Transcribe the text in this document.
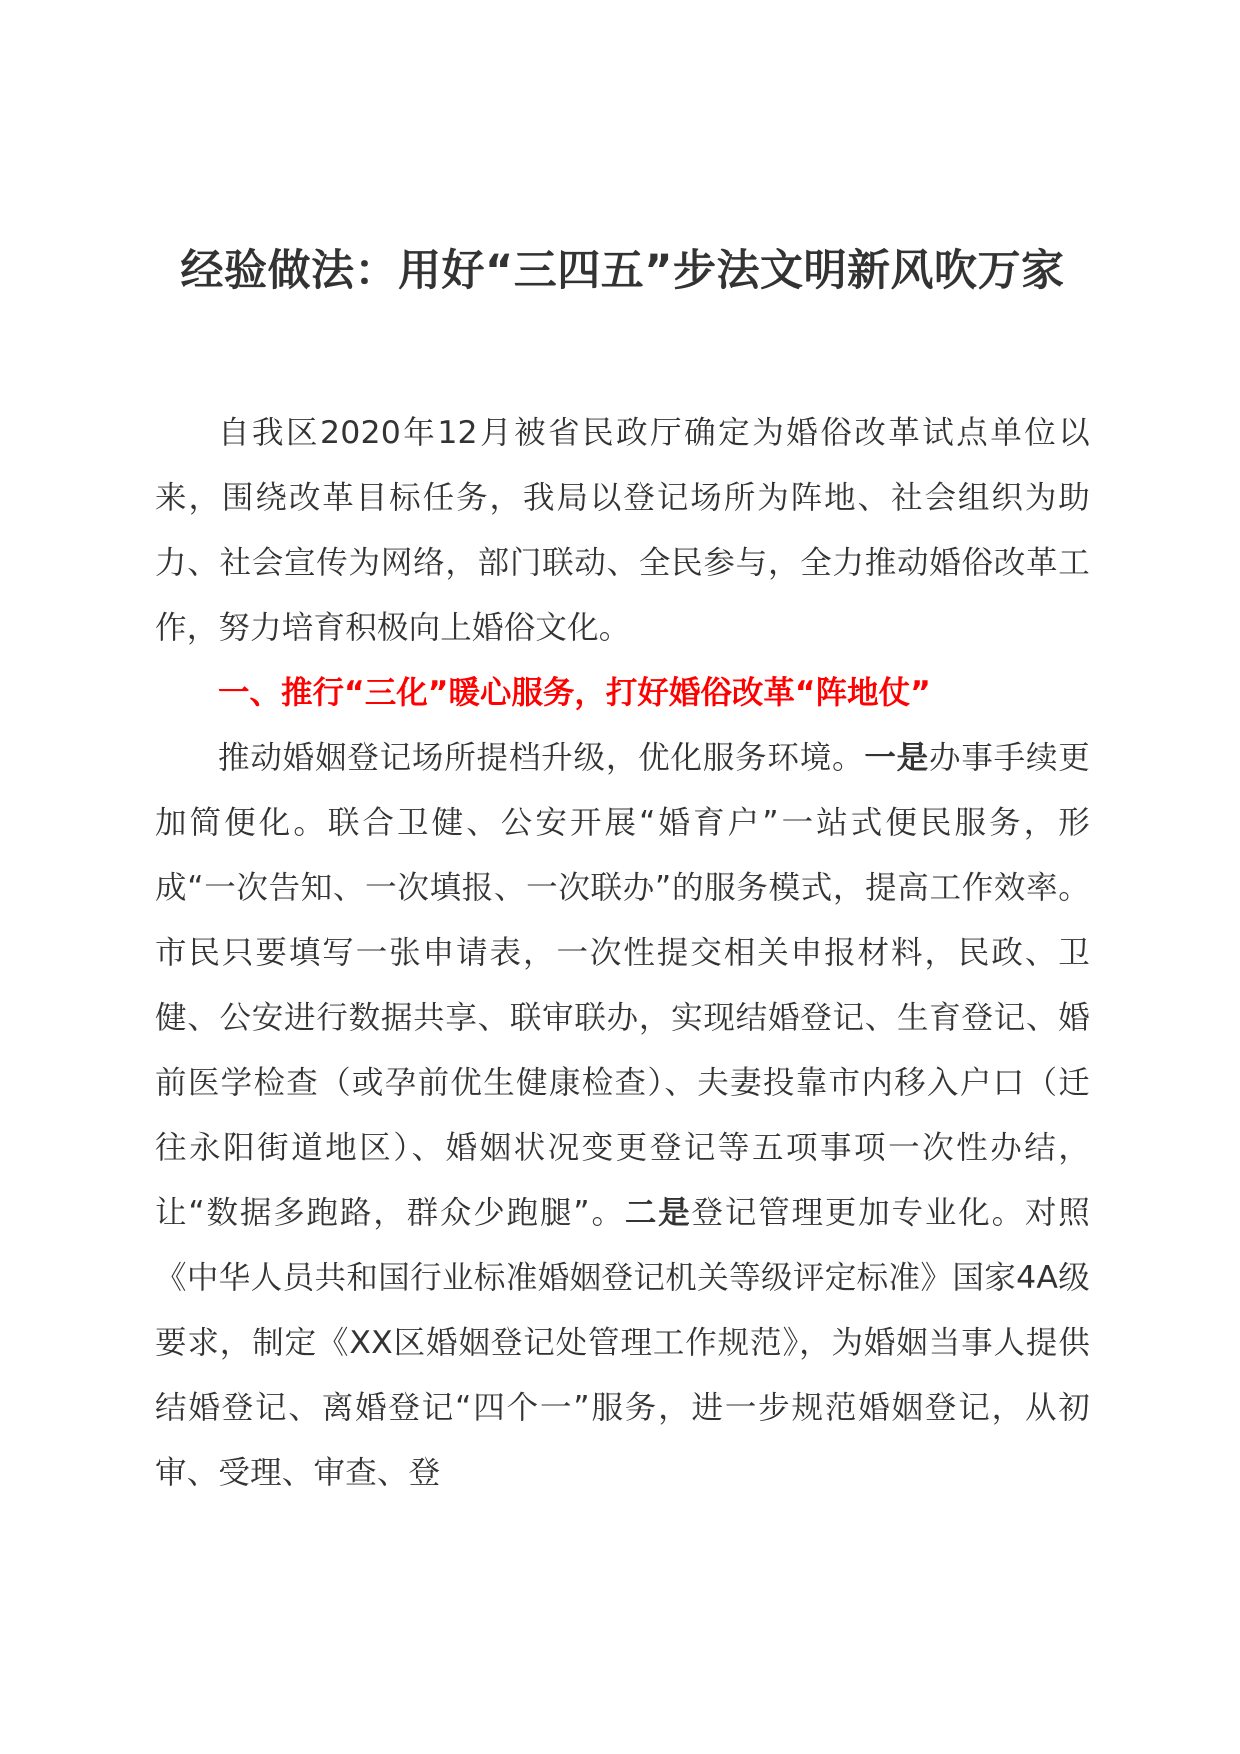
经验做法：用好“三四五”步法文明新风吹万家

自我区2020年12月被省民政厅确定为婚俗改革试点单位以来，围绕改革目标任务，我局以登记场所为阵地、社会组织为助力、社会宣传为网络，部门联动、全民参与，全力推动婚俗改革工作，努力培育积极向上婚俗文化。

一、推行“三化”暖心服务，打好婚俗改革“阵地仗”

推动婚姻登记场所提档升级，优化服务环境。一是办事手续更加简便化。联合卫健、公安开展“婚育户”一站式便民服务，形成“一次告知、一次填报、一次联办”的服务模式，提高工作效率。市民只要填写一张申请表，一次性提交相关申报材料，民政、卫健、公安进行数据共享、联审联办，实现结婚登记、生育登记、婚前医学检查（或孕前优生健康检查）、夫妻投靠市内移入户口（迁往永阳街道地区）、婚姻状况变更登记等五项事项一次性办结，让“数据多跑路，群众少跑腿”。二是登记管理更加专业化。对照《中华人员共和国行业标准婚姻登记机关等级评定标准》国家4A级要求，制定《XX区婚姻登记处管理工作规范》，为婚姻当事人提供结婚登记、离婚登记“四个一”服务，进一步规范婚姻登记，从初审、受理、审查、登
